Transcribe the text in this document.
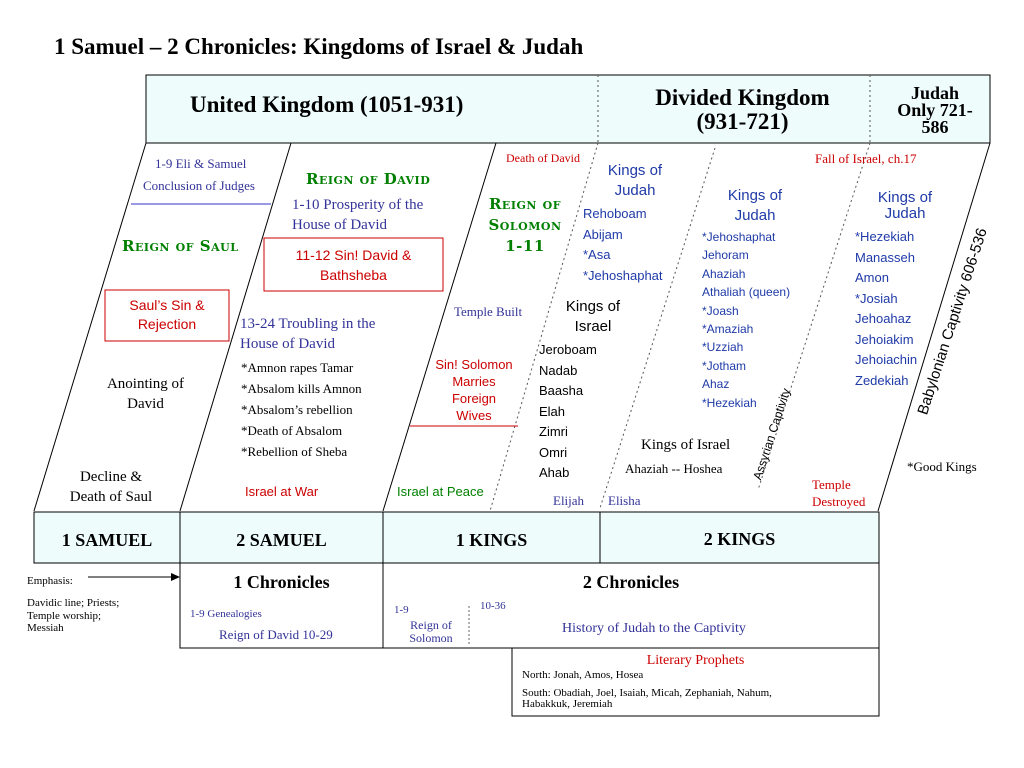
1 Samuel – 2 Chronicles: Kingdoms of Israel & Judah
United Kingdom (1051-931)	Divided Kingdom
(931-721)
Judah
Only 721-
586
1-9 Eli & Samuel
Conclusion of Judges
Reign of Saul
Saul’s Sin &
Rejection
Anointing of
David
Decline &
Death of Saul
Reign of David
1-10 Prosperity of the
House of David
11-12 Sin! David &
Bathsheba
13-24 Troubling in the
House of David
*Amnon rapes Tamar
*Absalom kills Amnon
*Absalom’s rebellion
*Death of Absalom
*Rebellion of Sheba
Israel at War
Death of David
Reign of
Solomon
1-11
Temple Built
Sin! Solomon
Marries
Foreign
Wives
Israel at Peace
Kings of
Judah
Rehoboam
Abijam
*Asa
*Jehoshaphat
Kings of
Israel
Jeroboam
Nadab
Baasha
Elah
Zimri
Omri
Ahab
Elijah Elisha
Kings of
Judah
*Jehoshaphat
Jehoram
Ahaziah
Athaliah (queen)
*Joash
*Amaziah
*Uzziah
*Jotham
Ahaz
*Hezekiah
Kings of Israel
Ahaziah -- Hoshea Assyrian Captivity
Fall of Israel, ch.17
Kings of
Judah
*Hezekiah
Manasseh
Amon
*Josiah
Jehoahaz
Jehoiakim
Jehoiachin
Zedekiah Babylonian Captivity 606-536
Temple
Destroyed
*Good Kings
1 SAMUEL	2 SAMUEL	1 KINGS	2 KINGS
1 Chronicles
1-9 Genealogies
Reign of David 10-29
2 Chronicles
1-9
Reign of
Solomon
10-36
History of Judah to the Captivity
Emphasis:
Davidic line; Priests;
Temple worship;
Messiah
Literary Prophets
North: Jonah, Amos, Hosea
South: Obadiah, Joel, Isaiah, Micah, Zephaniah, Nahum,
Habakkuk, Jeremiah
